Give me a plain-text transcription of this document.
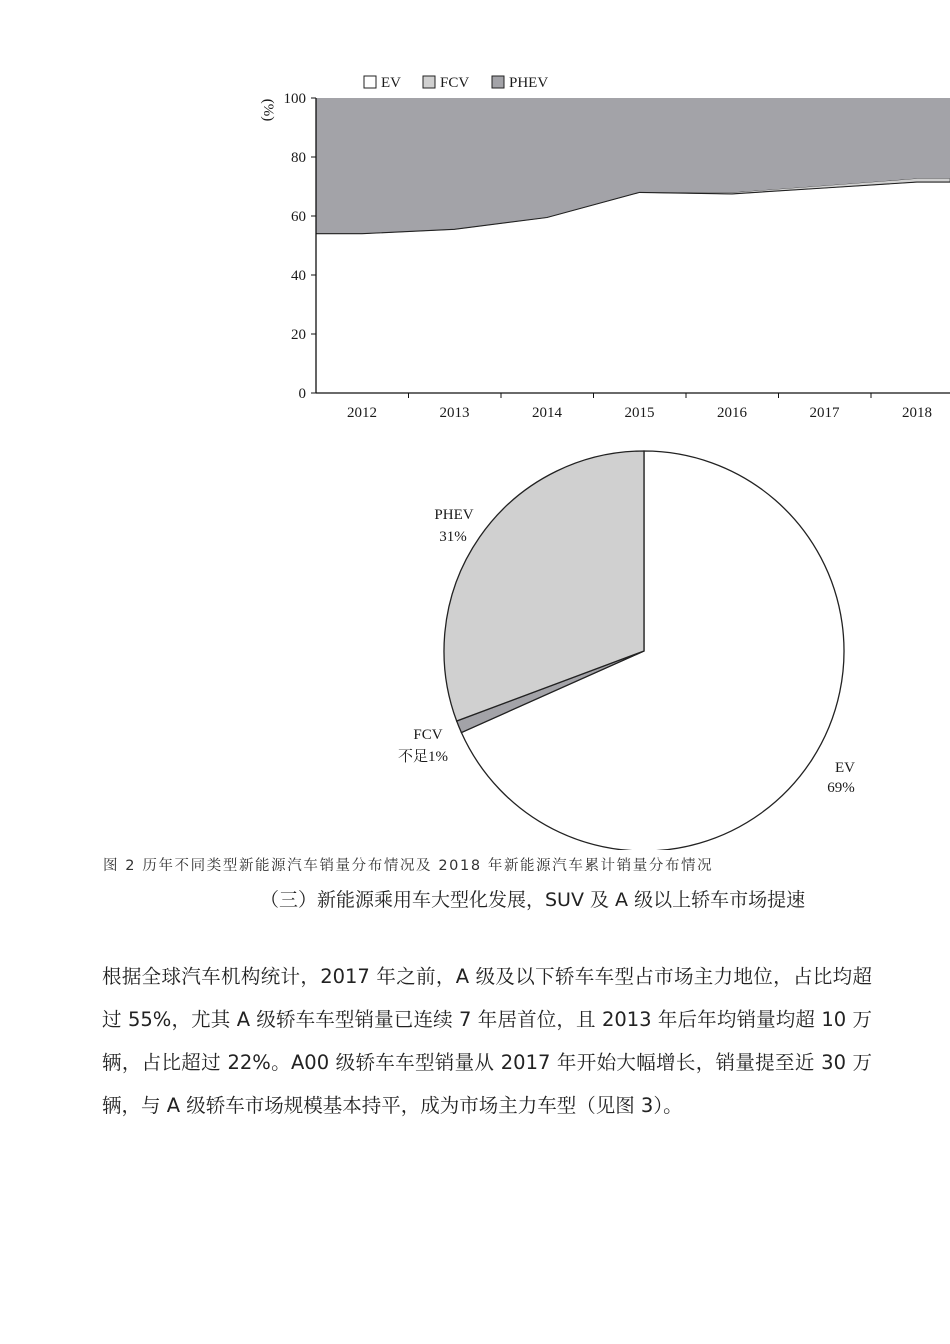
0
20
40
60
80
100
2012	2013	2014	2015	2016	2017	2018
(%)
EV	FCV	PHEV
EV
69%
FCV
不足1%
PHEV
31%
图 2 历年不同类型新能源汽车销量分布情况及 2018 年新能源汽车累计销量分布情况
（三）新能源乘用车大型化发展，SUV 及 A 级以上轿车市场提速
根据全球汽车机构统计，2017 年之前，A 级及以下轿车车型占市场主力地位，占比均超过 55%，尤其 A 级轿车车型销量已连续 7 年居首位，且 2013 年后年均销量均超 10 万辆，占比超过 22%。A00 级轿车车型销量从 2017 年开始大幅增长，销量提至近 30 万辆，与 A 级轿车市场规模基本持平，成为市场主力车型（见图 3）。
